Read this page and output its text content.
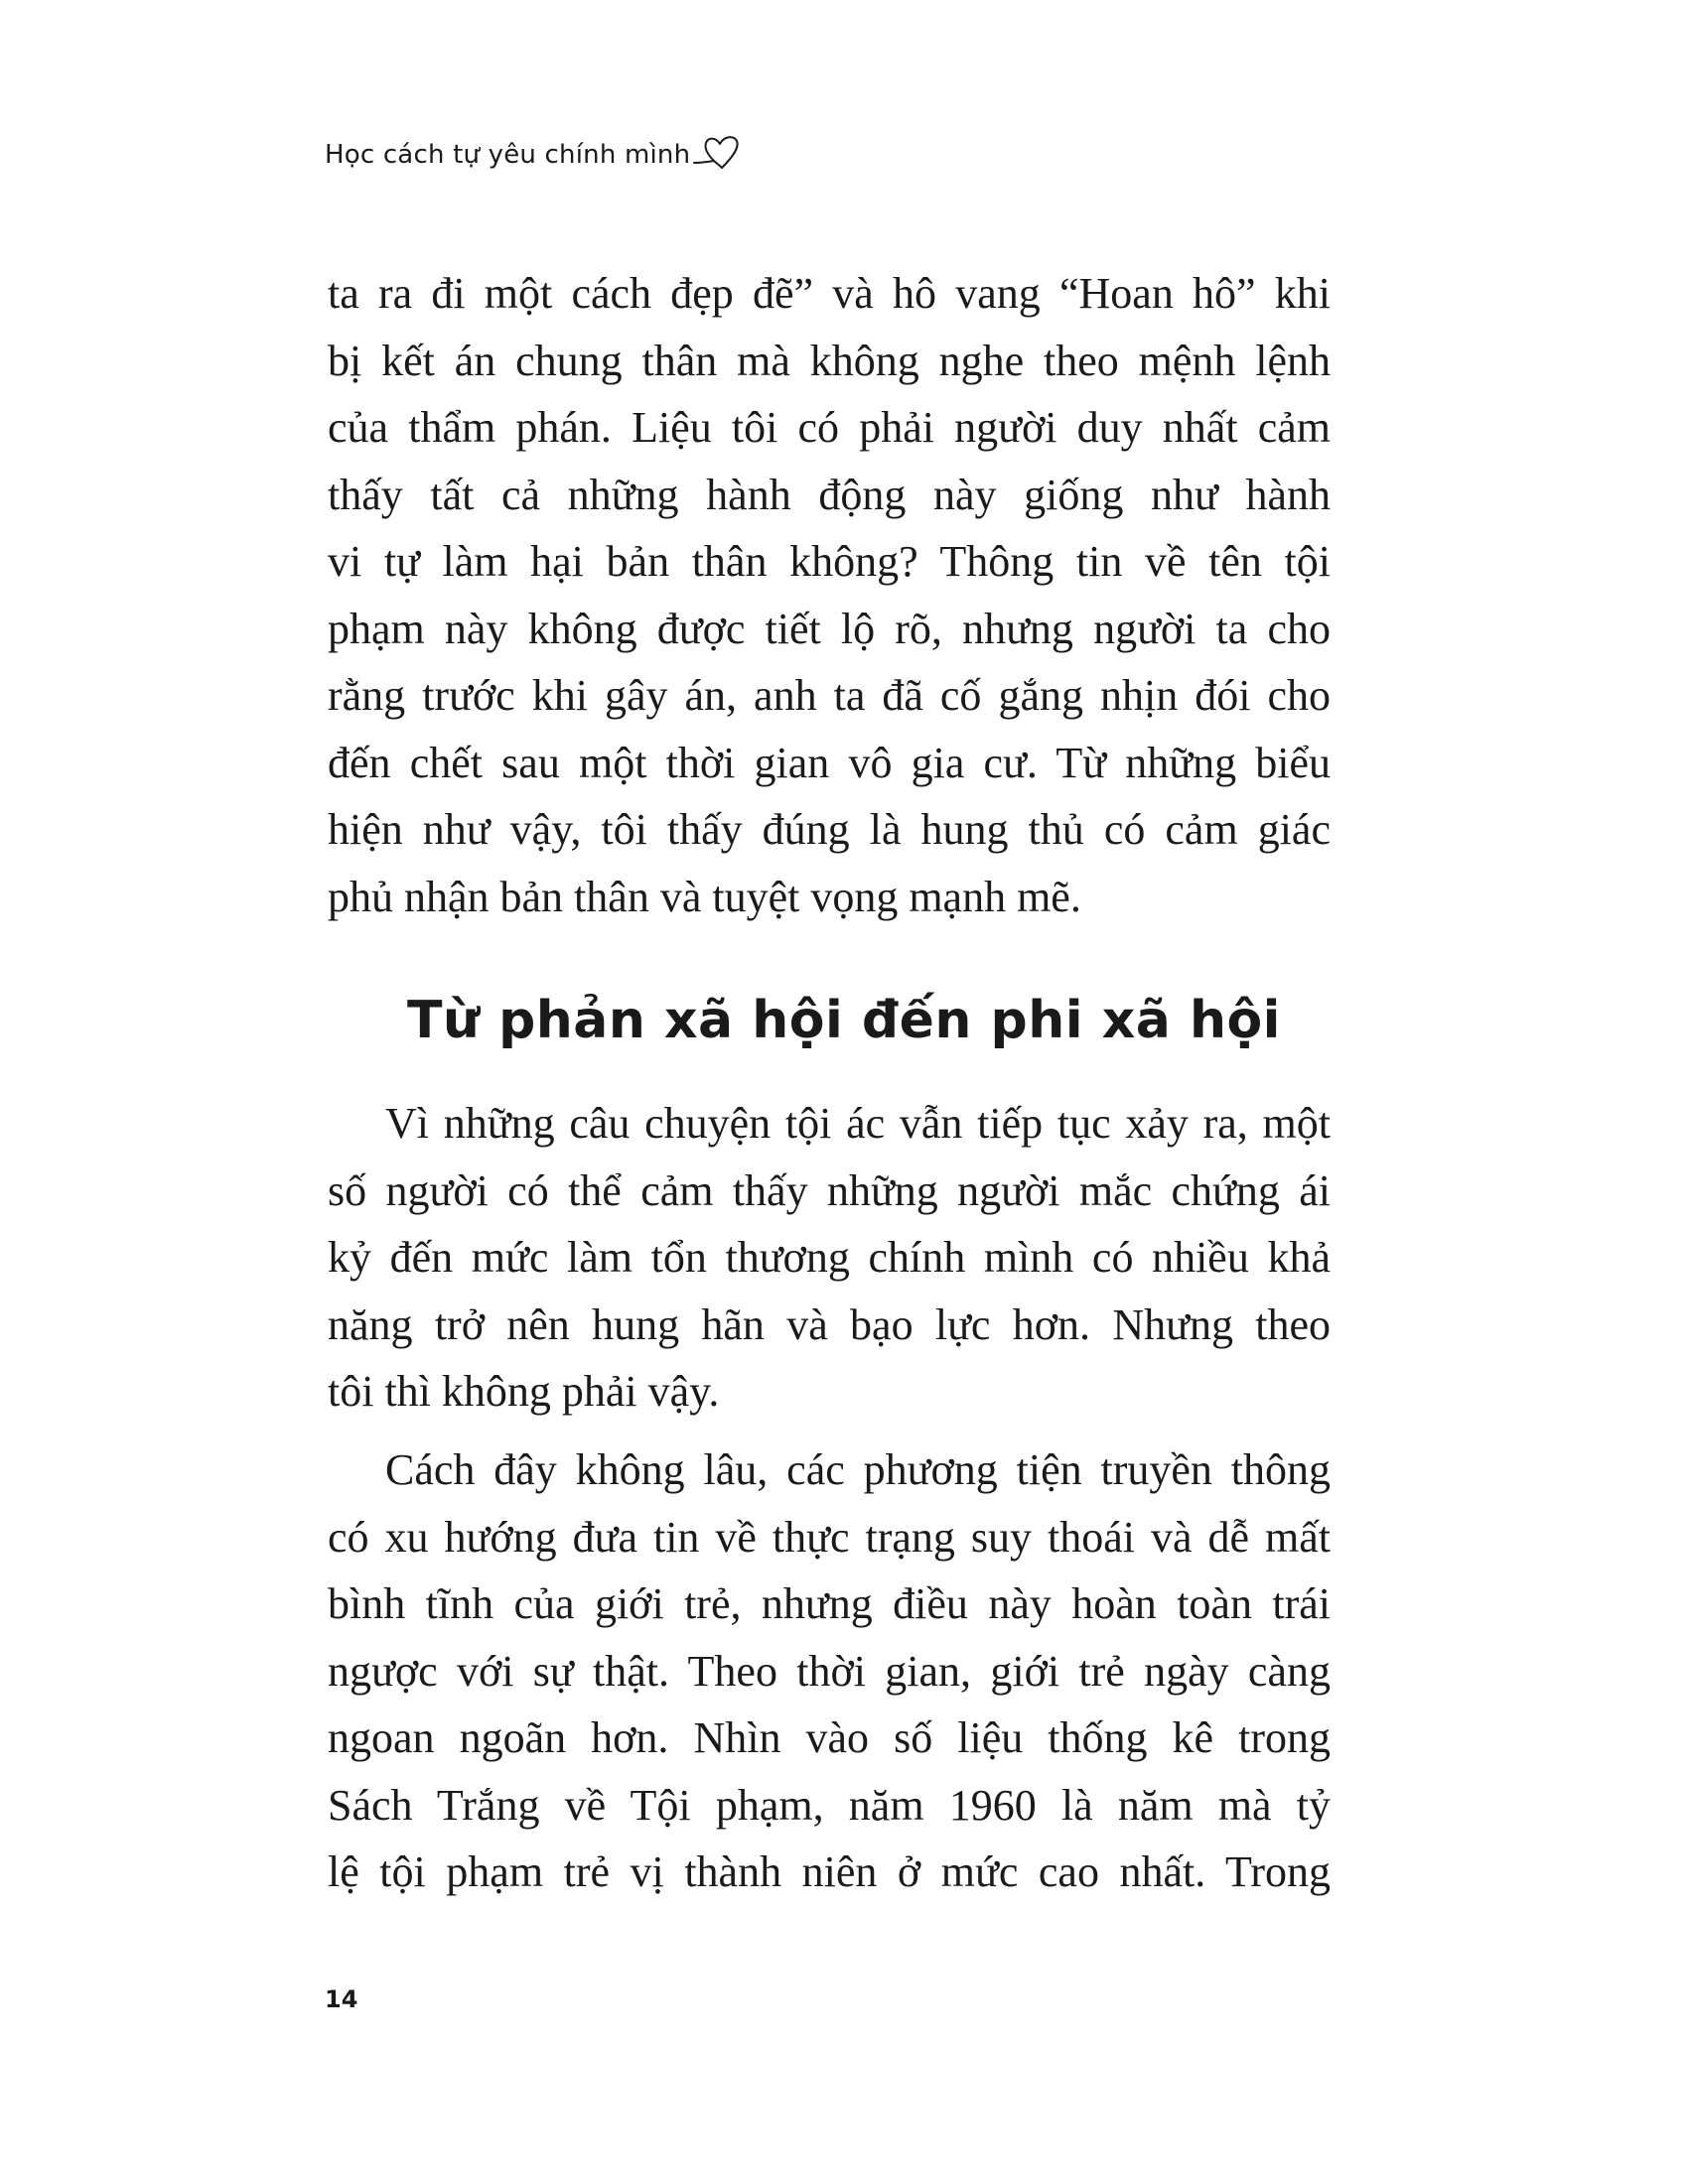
Học cách tự yêu chính mình
ta ra đi một cách đẹp đẽ” và hô vang “Hoan hô” khi
bị kết án chung thân mà không nghe theo mệnh lệnh
của thẩm phán. Liệu tôi có phải người duy nhất cảm
thấy tất cả những hành động này giống như hành
vi tự làm hại bản thân không? Thông tin về tên tội
phạm này không được tiết lộ rõ, nhưng người ta cho
rằng trước khi gây án, anh ta đã cố gắng nhịn đói cho
đến chết sau một thời gian vô gia cư. Từ những biểu
hiện như vậy, tôi thấy đúng là hung thủ có cảm giác
phủ nhận bản thân và tuyệt vọng mạnh mẽ.
Từ phản xã hội đến phi xã hội
Vì những câu chuyện tội ác vẫn tiếp tục xảy ra, một
số người có thể cảm thấy những người mắc chứng ái
kỷ đến mức làm tổn thương chính mình có nhiều khả
năng trở nên hung hãn và bạo lực hơn. Nhưng theo
tôi thì không phải vậy.
Cách đây không lâu, các phương tiện truyền thông
có xu hướng đưa tin về thực trạng suy thoái và dễ mất
bình tĩnh của giới trẻ, nhưng điều này hoàn toàn trái
ngược với sự thật. Theo thời gian, giới trẻ ngày càng
ngoan ngoãn hơn. Nhìn vào số liệu thống kê trong
Sách Trắng về Tội phạm, năm 1960 là năm mà tỷ
lệ tội phạm trẻ vị thành niên ở mức cao nhất. Trong
14
